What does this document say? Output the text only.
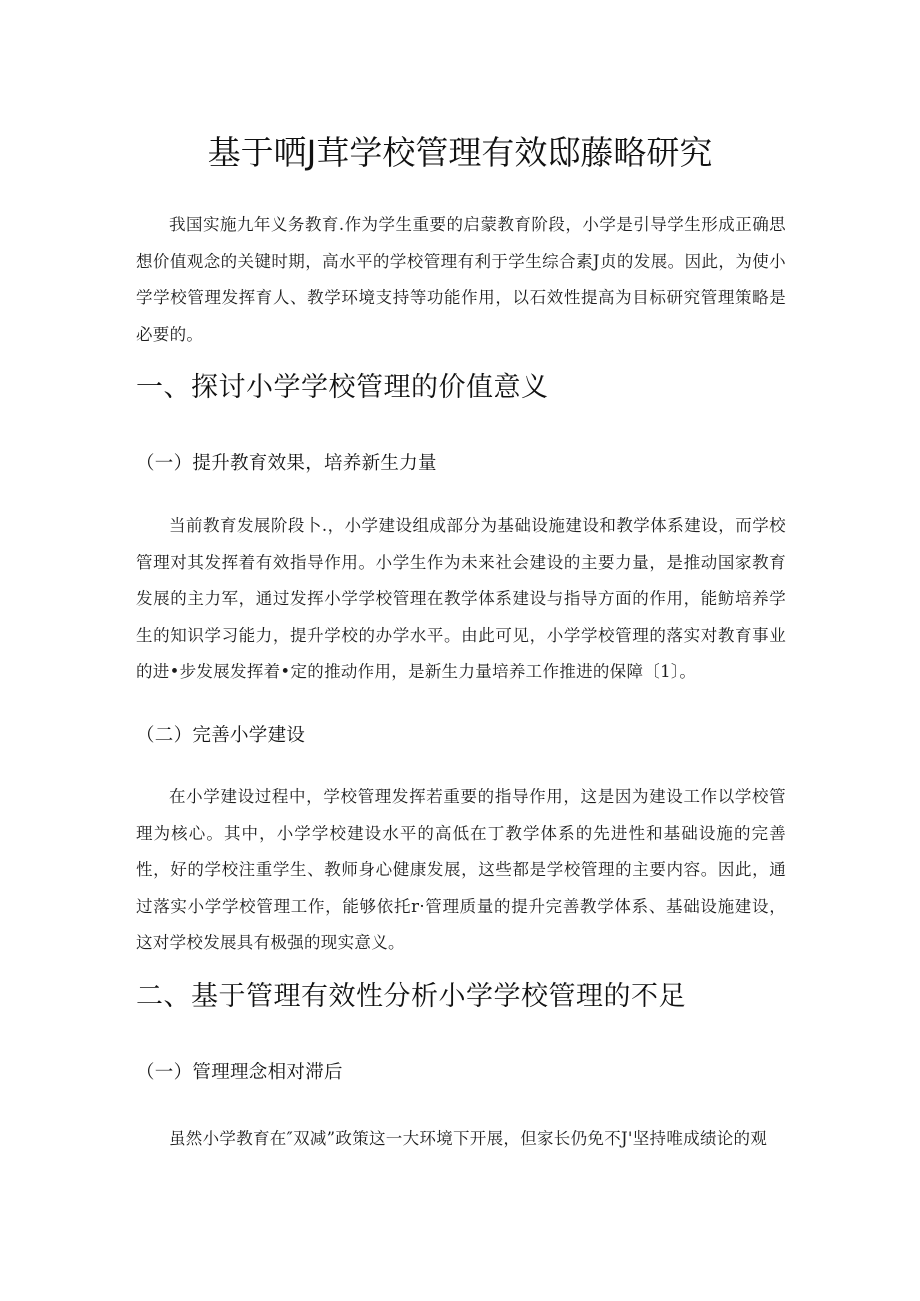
基于哂J茸学校管理有效邸藤略研究

我国实施九年义务教育.作为学生重要的启蒙教育阶段，小学是引导学生形成正确思想价值观念的关键时期，高水平的学校管理有利于学生综合素J贞的发展。因此，为使小学学校管理发挥育人、教学环境支持等功能作用，以石效性提高为目标研究管理策略是必要的。

一、探讨小学学校管理的价值意义
（一）提升教育效果，培养新生力量

当前教育发展阶段卜.，小学建设组成部分为基础设施建设和教学体系建设，而学校管理对其发挥着有效指导作用。小学生作为未来社会建设的主要力量，是推动国家教育发展的主力军，通过发挥小学学校管理在教学体系建设与指导方面的作用，能鲂培养学生的知识学习能力，提升学校的办学水平。由此可见，小学学校管理的落实对教育事业的进•步发展发挥着•定的推动作用，是新生力量培养工作推进的保障〔1〕。

（二）完善小学建设

在小学建设过程中，学校管理发挥若重要的指导作用，这是因为建设工作以学校管理为核心。其中，小学学校建设水平的高低在丁教学体系的先进性和基础设施的完善性，好的学校注重学生、教师身心健康发展，这些都是学校管理的主要内容。因此，通过落实小学学校管理工作，能够依托r·管理质量的提升完善教学体系、基础设施建设，这对学校发展具有极强的现实意义。

二、基于管理有效性分析小学学校管理的不足
（一）管理理念相对滞后

虽然小学教育在″双减”政策这一大环境下开展，但家长仍免不J'坚持唯成绩论的观
